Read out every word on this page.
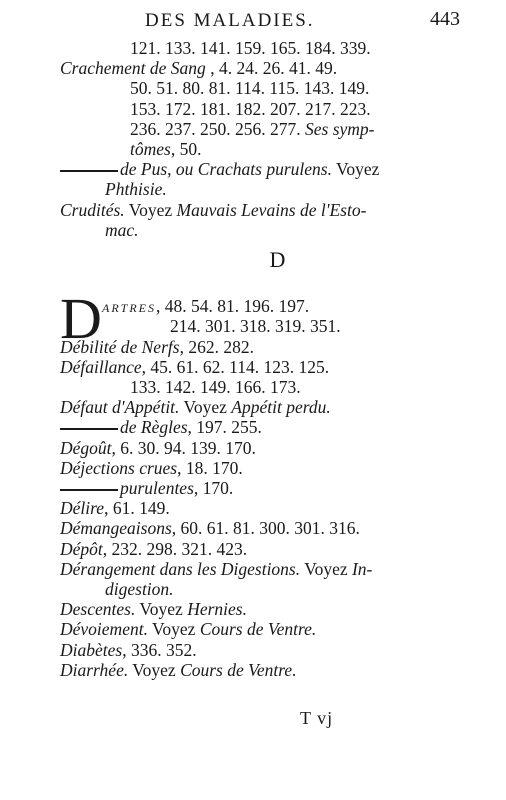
DES MALADIES.	443

121. 133. 141. 159. 165. 184. 339.

Crachement de Sang , 4. 24. 26. 41. 49.

50. 51. 80. 81. 114. 115. 143. 149.

153. 172. 181. 182. 207. 217. 223.

236. 237. 250. 256. 277. Ses symp-

tômes, 50.

de Pus, ou Crachats purulens. Voyez

Phthisie.

Crudités. Voyez Mauvais Levains de l'Esto-

mac.

D
D artres, 48. 54. 81. 196. 197.

214. 301. 318. 319. 351.

Débilité de Nerfs, 262. 282.

Défaillance, 45. 61. 62. 114. 123. 125.

133. 142. 149. 166. 173.

Défaut d'Appétit. Voyez Appétit perdu.

de Règles, 197. 255.

Dégoût, 6. 30. 94. 139. 170.

Déjections crues, 18. 170.

purulentes, 170.

Délire, 61. 149.

Démangeaisons, 60. 61. 81. 300. 301. 316.

Dépôt, 232. 298. 321. 423.

Dérangement dans les Digestions. Voyez In-

digestion.

Descentes. Voyez Hernies.

Dévoiement. Voyez Cours de Ventre.

Diabètes, 336. 352.

Diarrhée. Voyez Cours de Ventre.

T vj
